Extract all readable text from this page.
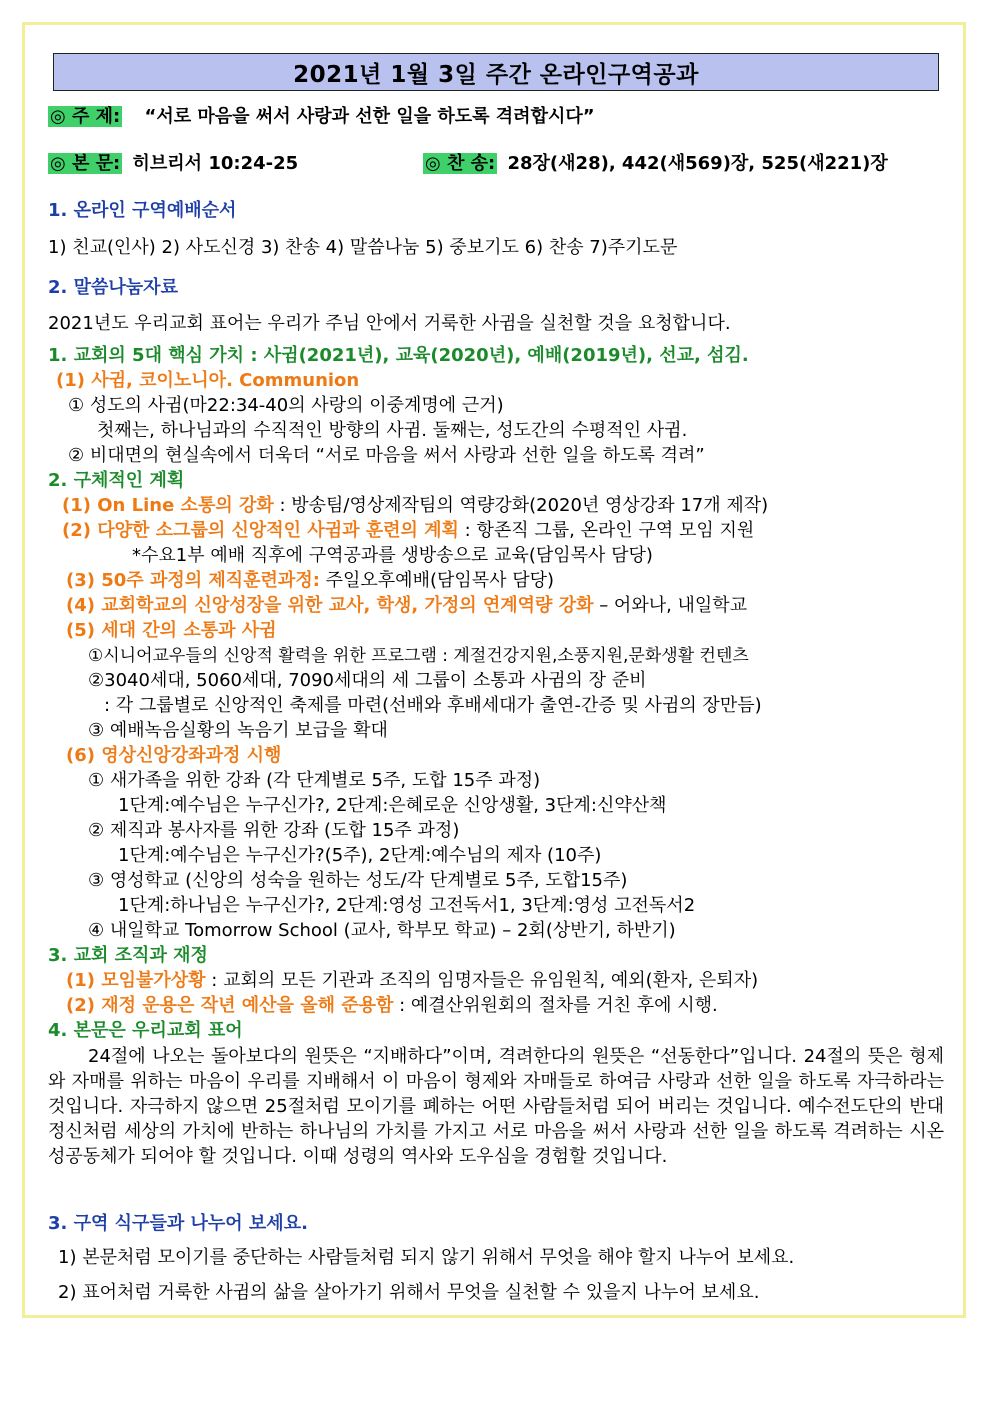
2021년 1월 3일 주간 온라인구역공과
◎ 주 제: “서로 마음을 써서 사랑과 선한 일을 하도록 격려합시다”
◎ 본 문: 히브리서 10:24-25	◎ 찬 송: 28장(새28), 442(새569)장, 525(새221)장
1. 온라인 구역예배순서
1) 친교(인사) 2) 사도신경 3) 찬송 4) 말씀나눔 5) 중보기도 6) 찬송 7)주기도문
2. 말씀나눔자료
2021년도 우리교회 표어는 우리가 주님 안에서 거룩한 사귐을 실천할 것을 요청합니다.
1. 교회의 5대 핵심 가치 : 사귐(2021년), 교육(2020년), 예배(2019년), 선교, 섬김.
(1) 사귐, 코이노니아. Communion
① 성도의 사귐(마22:34-40의 사랑의 이중계명에 근거)
첫째는, 하나님과의 수직적인 방향의 사귐. 둘째는, 성도간의 수평적인 사귐.
② 비대면의 현실속에서 더욱더 “서로 마음을 써서 사랑과 선한 일을 하도록 격려”
2. 구체적인 계획
(1) On Line 소통의 강화 : 방송팀/영상제작팀의 역량강화(2020년 영상강좌 17개 제작)
(2) 다양한 소그룹의 신앙적인 사귐과 훈련의 계획 : 항존직 그룹, 온라인 구역 모임 지원
*수요1부 예배 직후에 구역공과를 생방송으로 교육(담임목사 담당)
(3) 50주 과정의 제직훈련과정: 주일오후예배(담임목사 담당)
(4) 교회학교의 신앙성장을 위한 교사, 학생, 가정의 연계역량 강화 – 어와나, 내일학교
(5) 세대 간의 소통과 사귐
①시니어교우들의 신앙적 활력을 위한 프로그램 : 계절건강지원,소풍지원,문화생활 컨텐츠
②3040세대, 5060세대, 7090세대의 세 그룹이 소통과 사귐의 장 준비
: 각 그룹별로 신앙적인 축제를 마련(선배와 후배세대가 출연-간증 및 사귐의 장만듬)
③ 예배녹음실황의 녹음기 보급을 확대
(6) 영상신앙강좌과정 시행
① 새가족을 위한 강좌 (각 단계별로 5주, 도합 15주 과정)
1단계:예수님은 누구신가?, 2단계:은혜로운 신앙생활, 3단계:신약산책
② 제직과 봉사자를 위한 강좌 (도합 15주 과정)
1단계:예수님은 누구신가?(5주), 2단계:예수님의 제자 (10주)
③ 영성학교 (신앙의 성숙을 원하는 성도/각 단계별로 5주, 도합15주)
1단계:하나님은 누구신가?, 2단계:영성 고전독서1, 3단계:영성 고전독서2
④ 내일학교 Tomorrow School (교사, 학부모 학교) – 2회(상반기, 하반기)
3. 교회 조직과 재정
(1) 모임불가상황 : 교회의 모든 기관과 조직의 임명자들은 유임원칙, 예외(환자, 은퇴자)
(2) 재정 운용은 작년 예산을 올해 준용함 : 예결산위원회의 절차를 거친 후에 시행.
4. 본문은 우리교회 표어
24절에 나오는 돌아보다의 원뜻은 “지배하다”이며, 격려한다의 원뜻은 “선동한다”입니다. 24절의 뜻은 형제와 자매를 위하는 마음이 우리를 지배해서 이 마음이 형제와 자매들로 하여금 사랑과 선한 일을 하도록 자극하라는 것입니다. 자극하지 않으면 25절처럼 모이기를 폐하는 어떤 사람들처럼 되어 버리는 것입니다. 예수전도단의 반대정신처럼 세상의 가치에 반하는 하나님의 가치를 가지고 서로 마음을 써서 사랑과 선한 일을 하도록 격려하는 시온성공동체가 되어야 할 것입니다. 이때 성령의 역사와 도우심을 경험할 것입니다.
3. 구역 식구들과 나누어 보세요.
1) 본문처럼 모이기를 중단하는 사람들처럼 되지 않기 위해서 무엇을 해야 할지 나누어 보세요.
2) 표어처럼 거룩한 사귐의 삶을 살아가기 위해서 무엇을 실천할 수 있을지 나누어 보세요.
